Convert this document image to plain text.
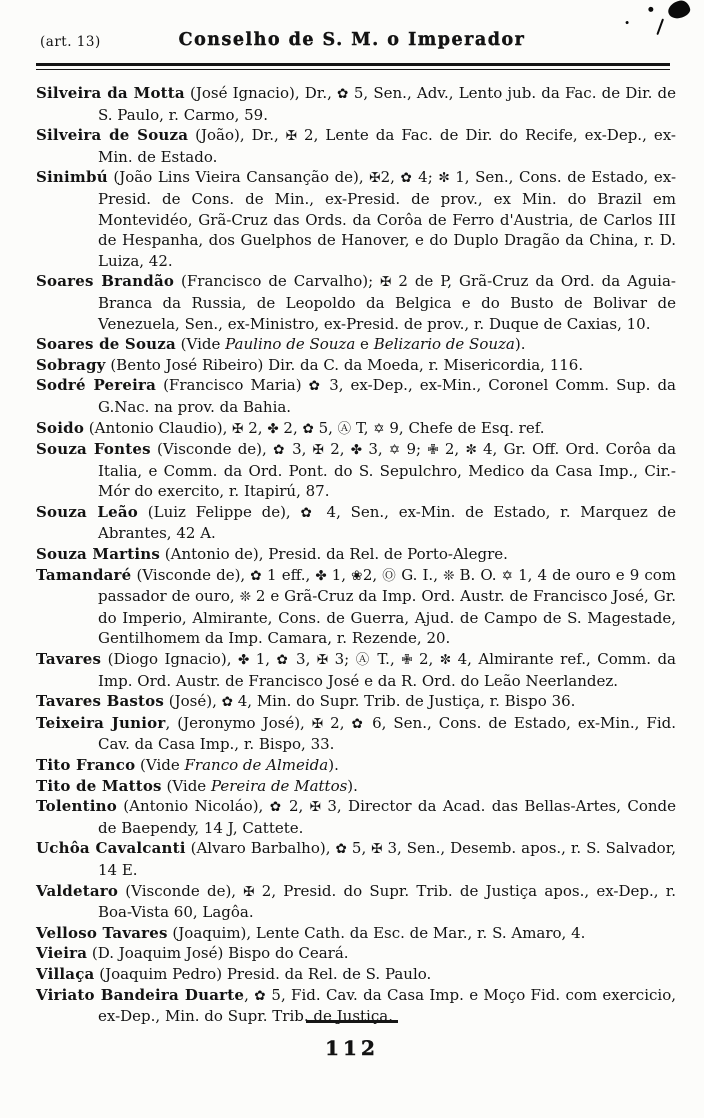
(art. 13)	Conselho de S. M. o Imperador
Silveira da Motta (José Ignacio), Dr., ✿ 5, Sen., Adv., Lento jub. da Fac. de Dir. de S. Paulo, r. Carmo, 59.
Silveira de Souza (João), Dr., ✠ 2, Lente da Fac. de Dir. do Recife, ex-Dep., ex-Min. de Estado.
Sinimbú (João Lins Vieira Cansanção de), ✠2, ✿ 4; ✼ 1, Sen., Cons. de Estado, ex-Presid. de Cons. de Min., ex-Presid. de prov., ex Min. do Brazil em Montevidéo, Grã-Cruz das Ords. da Corôa de Ferro d'Austria, de Carlos III de Hespanha, dos Guelphos de Hanover, e do Duplo Dragão da China, r. D. Luiza, 42.
Soares Brandão (Francisco de Carvalho); ✠ 2 de P, Grã-Cruz da Ord. da Aguia-Branca da Russia, de Leopoldo da Belgica e do Busto de Bolivar de Venezuela, Sen., ex-Ministro, ex-Presid. de prov., r. Duque de Caxias, 10.
Soares de Souza (Vide Paulino de Souza e Belizario de Souza).
Sobragy (Bento José Ribeiro) Dir. da C. da Moeda, r. Misericordia, 116.
Sodré Pereira (Francisco Maria) ✿ 3, ex-Dep., ex-Min., Coronel Comm. Sup. da G.Nac. na prov. da Bahia.
Soido (Antonio Claudio), ✠ 2, ✤ 2, ✿ 5, Ⓐ T, ✡ 9, Chefe de Esq. ref.
Souza Fontes (Visconde de), ✿ 3, ✠ 2, ✤ 3, ✡ 9; ✙ 2, ✼ 4, Gr. Off. Ord. Corôa da Italia, e Comm. da Ord. Pont. do S. Sepulchro, Medico da Casa Imp., Cir.-Mór do exercito, r. Itapirú, 87.
Souza Leão (Luiz Felippe de), ✿ 4, Sen., ex-Min. de Estado, r. Marquez de Abrantes, 42 A.
Souza Martins (Antonio de), Presid. da Rel. de Porto-Alegre.
Tamandaré (Visconde de), ✿ 1 eff., ✤ 1, ❀2, Ⓞ G. I., ❊ B. O. ✡ 1, 4 de ouro e 9 com passador de ouro, ❊ 2 e Grã-Cruz da Imp. Ord. Austr. de Francisco José, Gr. do Imperio, Almirante, Cons. de Guerra, Ajud. de Campo de S. Magestade, Gentilhomem da Imp. Camara, r. Rezende, 20.
Tavares (Diogo Ignacio), ✤ 1, ✿ 3, ✠ 3; Ⓐ T., ✙ 2, ✼ 4, Almirante ref., Comm. da Imp. Ord. Austr. de Francisco José e da R. Ord. do Leão Neerlandez.
Tavares Bastos (José), ✿ 4, Min. do Supr. Trib. de Justiça, r. Bispo 36.
Teixeira Junior, (Jeronymo José), ✠ 2, ✿ 6, Sen., Cons. de Estado, ex-Min., Fid. Cav. da Casa Imp., r. Bispo, 33.
Tito Franco (Vide Franco de Almeida).
Tito de Mattos (Vide Pereira de Mattos).
Tolentino (Antonio Nicoláo), ✿ 2, ✠ 3, Director da Acad. das Bellas-Artes, Conde de Baependy, 14 J, Cattete.
Uchôa Cavalcanti (Alvaro Barbalho), ✿ 5, ✠ 3, Sen., Desemb. apos., r. S. Salvador, 14 E.
Valdetaro (Visconde de), ✠ 2, Presid. do Supr. Trib. de Justiça apos., ex-Dep., r. Boa-Vista 60, Lagôa.
Velloso Tavares (Joaquim), Lente Cath. da Esc. de Mar., r. S. Amaro, 4.
Vieira (D. Joaquim José) Bispo do Ceará.
Villaça (Joaquim Pedro) Presid. da Rel. de S. Paulo.
Viriato Bandeira Duarte, ✿ 5, Fid. Cav. da Casa Imp. e Moço Fid. com exercicio, ex-Dep., Min. do Supr. Trib. de Justiça.
112
